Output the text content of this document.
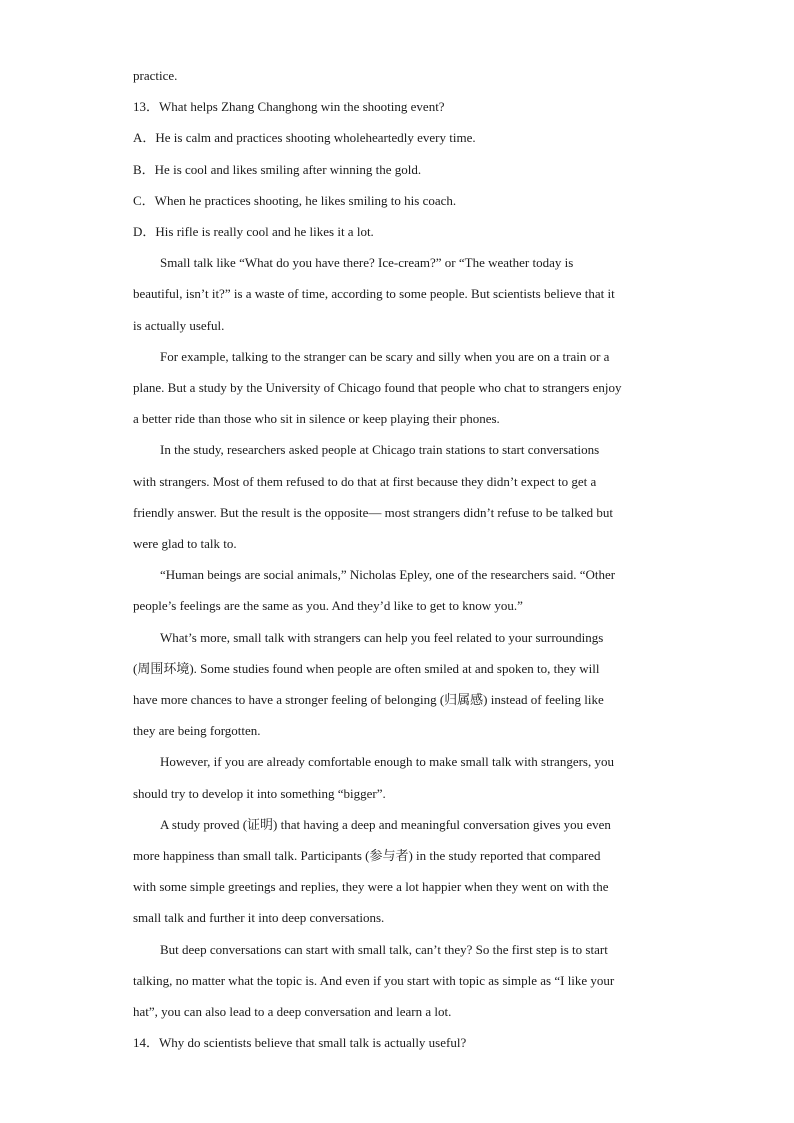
practice.

13．What helps Zhang Changhong win the shooting event?

A．He is calm and practices shooting wholeheartedly every time.

B．He is cool and likes smiling after winning the gold.

C．When he practices shooting, he likes smiling to his coach.

D．His rifle is really cool and he likes it a lot.

Small talk like “What do you have there? Ice-cream?” or “The weather today is

beautiful, isn’t it?” is a waste of time, according to some people. But scientists believe that it

is actually useful.

For example, talking to the stranger can be scary and silly when you are on a train or a

plane. But a study by the University of Chicago found that people who chat to strangers enjoy

a better ride than those who sit in silence or keep playing their phones.

In the study, researchers asked people at Chicago train stations to start conversations

with strangers. Most of them refused to do that at first because they didn’t expect to get a

friendly answer. But the result is the opposite— most strangers didn’t refuse to be talked but

were glad to talk to.

“Human beings are social animals,” Nicholas Epley, one of the researchers said. “Other

people’s feelings are the same as you. And they’d like to get to know you.”

What’s more, small talk with strangers can help you feel related to your surroundings

(周围环境). Some studies found when people are often smiled at and spoken to, they will

have more chances to have a stronger feeling of belonging (归属感) instead of feeling like

they are being forgotten.

However, if you are already comfortable enough to make small talk with strangers, you

should try to develop it into something “bigger”.

A study proved (证明) that having a deep and meaningful conversation gives you even

more happiness than small talk. Participants (参与者) in the study reported that compared

with some simple greetings and replies, they were a lot happier when they went on with the

small talk and further it into deep conversations.

But deep conversations can start with small talk, can’t they? So the first step is to start

talking, no matter what the topic is. And even if you start with topic as simple as “I like your

hat”, you can also lead to a deep conversation and learn a lot.

14．Why do scientists believe that small talk is actually useful?
